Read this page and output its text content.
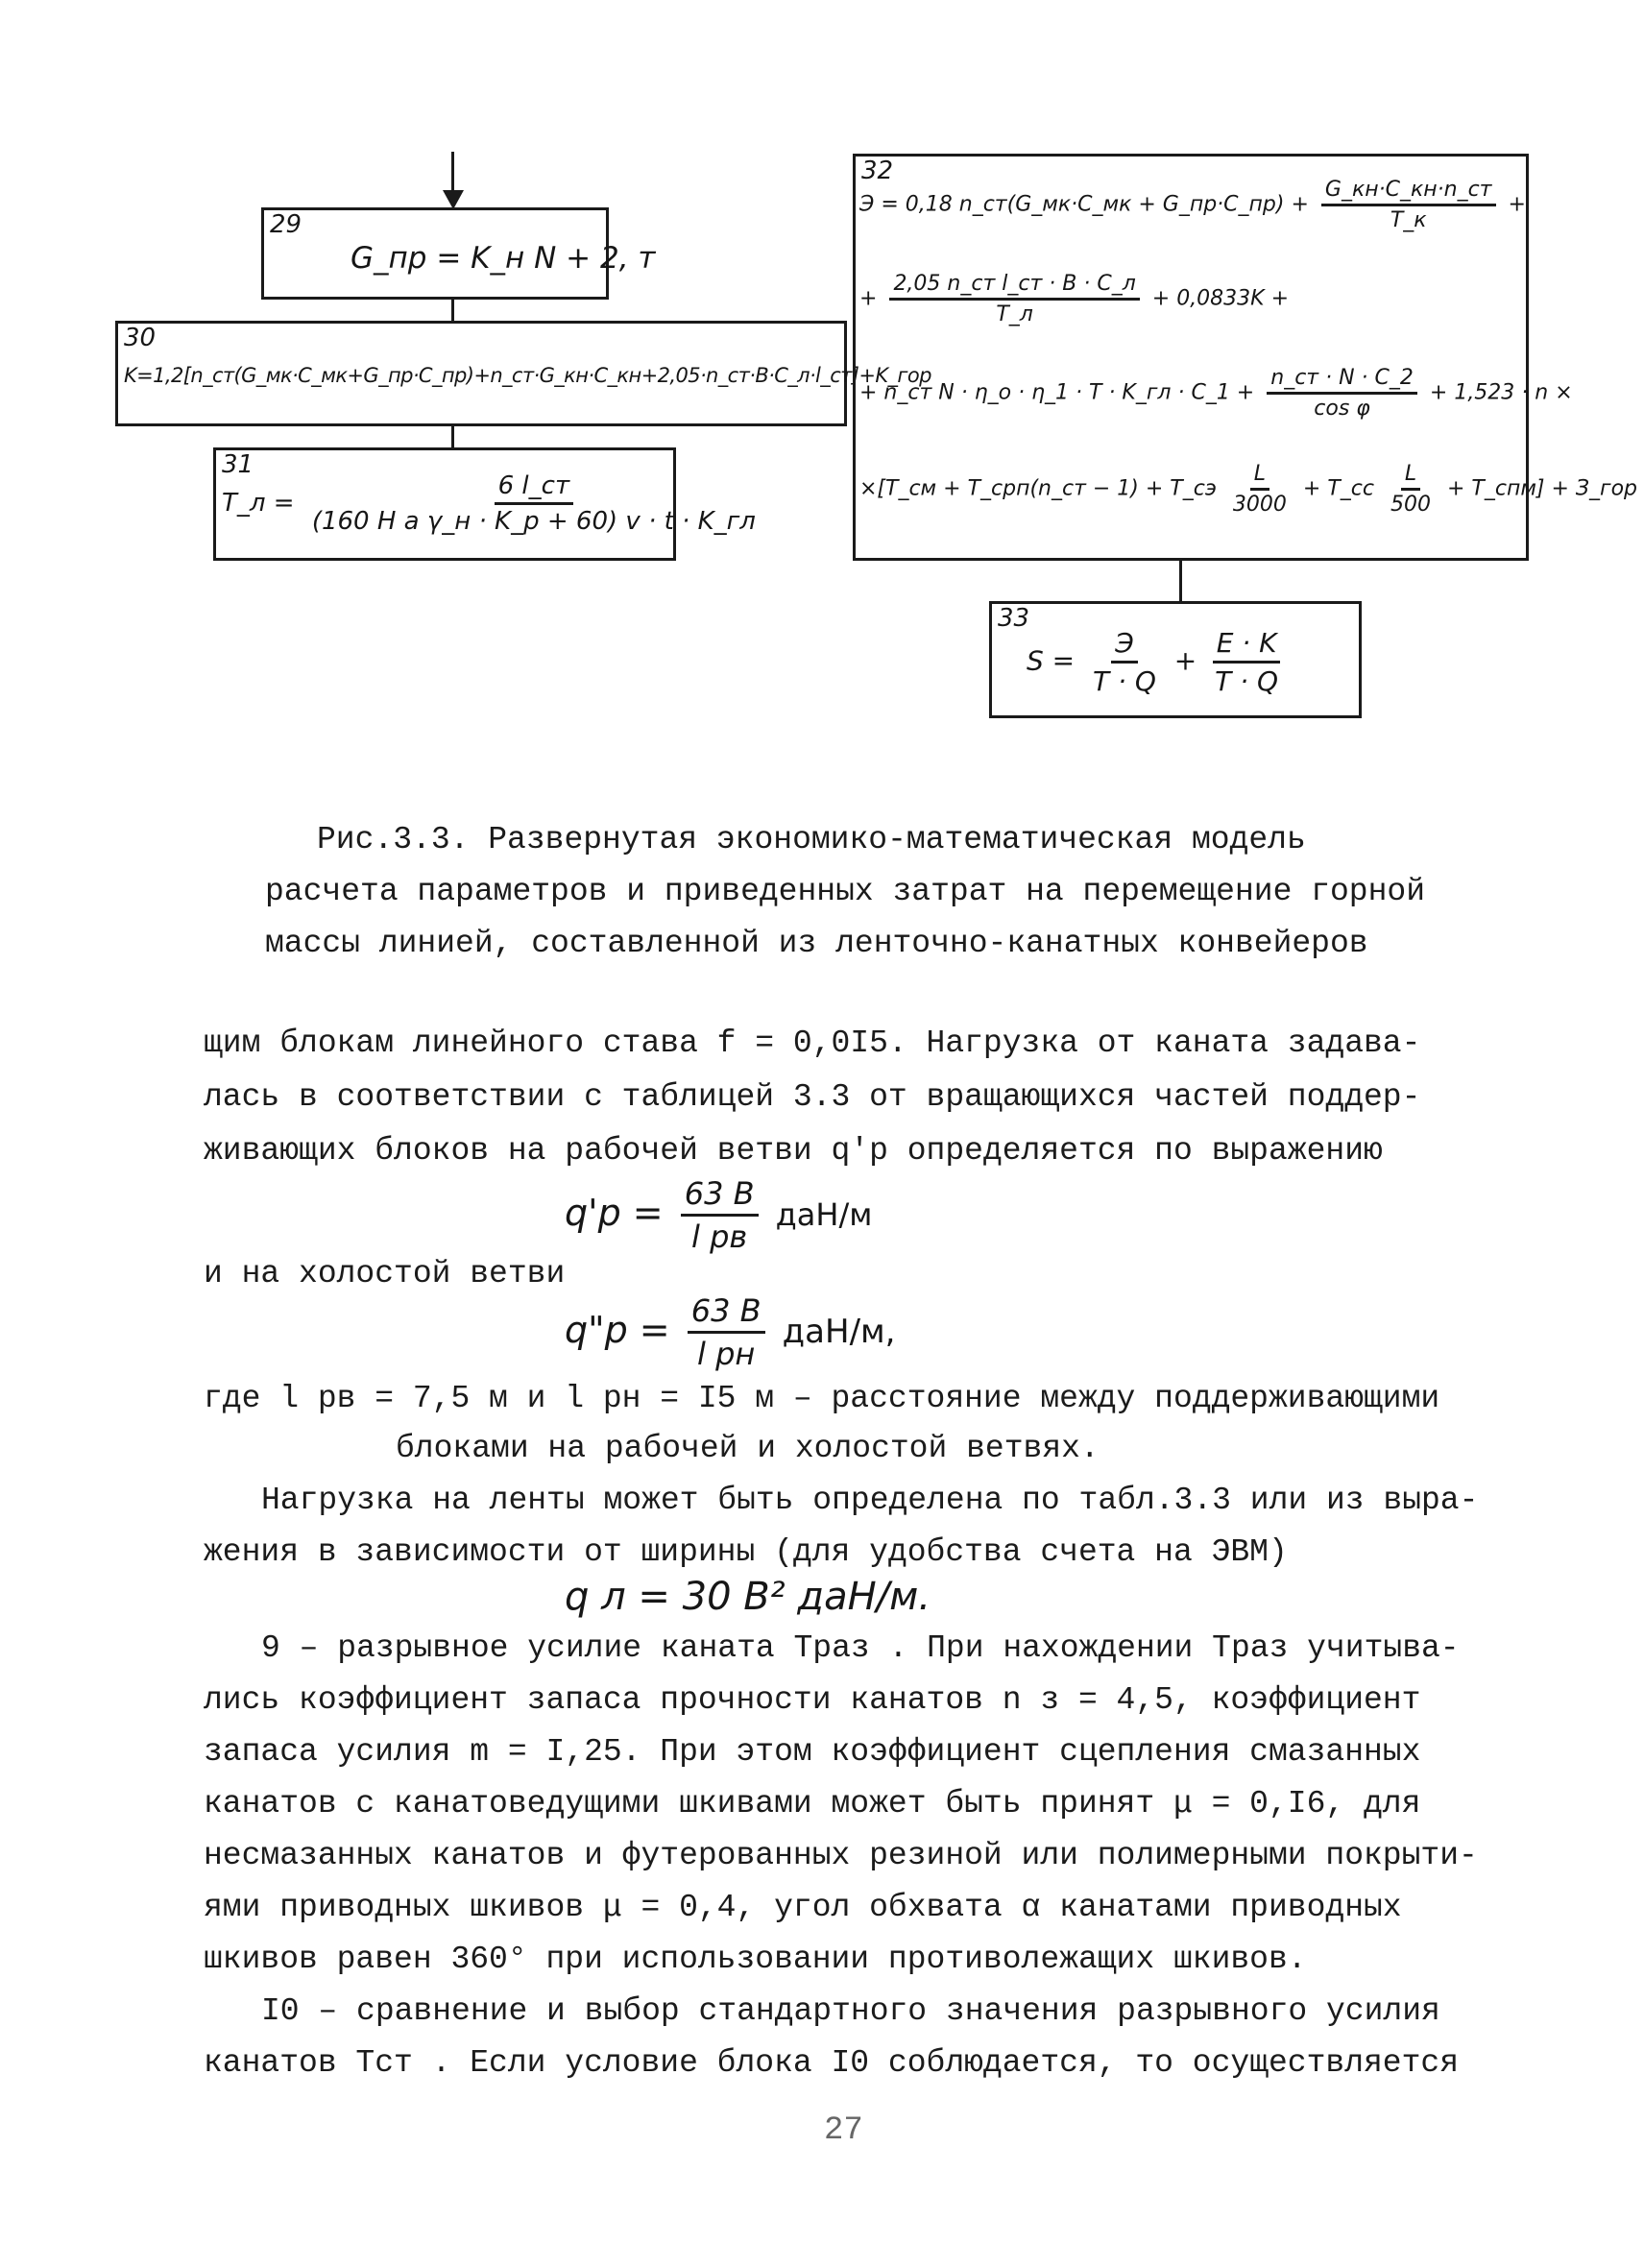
29
G_пр = K_н N + 2, т
30
K=1,2[n_ст(G_мк·C_мк+G_пр·C_пр)+n_ст·G_кн·C_кн+2,05·n_ст·B·C_л·l_ст]+K_гор
31
T_л = $\frac{6 l\_ст}{\text{(160 H a γ\_н · K\_p + 60) v · t · K\_гл}}$
32
Э = 0,18 n_ст(G_мк·C_мк + G_пр·C_пр) + $\frac{G\_кн\cdot C\_кн\cdot n\_ст}{T\_к}$ +
+ $\frac{\text{2,05 n\_ст l\_ст · B · C\_л}}{T\_л} + 0,0833K$ +
+ n_ст N · η_о · η_1 · T · K_гл · C_1 + $\frac{n\_ст \cdot N \cdot C\_2}{\text{cos φ}} + 1,523 \cdot n$ ×
×[T_см + T_срп(n_ст − 1) + T_сэ $\frac{L}{3000}$ + T_сс $\frac{L}{500}$ + T_спм] + З_гор
33
$S = \frac{Э}{T \cdot Q} + \frac{E \cdot K}{T \cdot Q}$
Рис.3.3. Развернутая экономико-математическая модель
расчета параметров и приведенных затрат на перемещение горной
массы линией, составленной из ленточно-канатных конвейеров
щим блокам линейного става f = 0,0I5. Нагрузка от каната задава-
лась в соответствии с таблицей 3.3 от вращающихся частей поддер-
живающих блоков на рабочей ветви q'р определяется по выражению
$q'р = \frac{63 B}{\text{l рв}} даН/м$
и на холостой ветви
q"р = $\frac{63 B}{\text{l рн}} даН/м$,
где l рв = 7,5 м и l рн = I5 м – расстояние между поддерживающими
блоками на рабочей и холостой ветвях.
Нагрузка на ленты может быть определена по табл.3.3 или из выра-
жения в зависимости от ширины (для удобства счета на ЭВМ)
q л = 30 B² даН/м.
9 – разрывное усилие каната Траз . При нахождении Траз учитыва-
лись коэффициент запаса прочности канатов n з = 4,5, коэффициент
запаса усилия m = I,25. При этом коэффициент сцепления смазанных
канатов с канатоведущими шкивами может быть принят μ = 0,I6, для
несмазанных канатов и футерованных резиной или полимерными покрыти-
ями приводных шкивов μ = 0,4, угол обхвата α канатами приводных
шкивов равен 360° при использовании противолежащих шкивов.
I0 – сравнение и выбор стандартного значения разрывного усилия
канатов Тст . Если условие блока I0 соблюдается, то осуществляется
27
